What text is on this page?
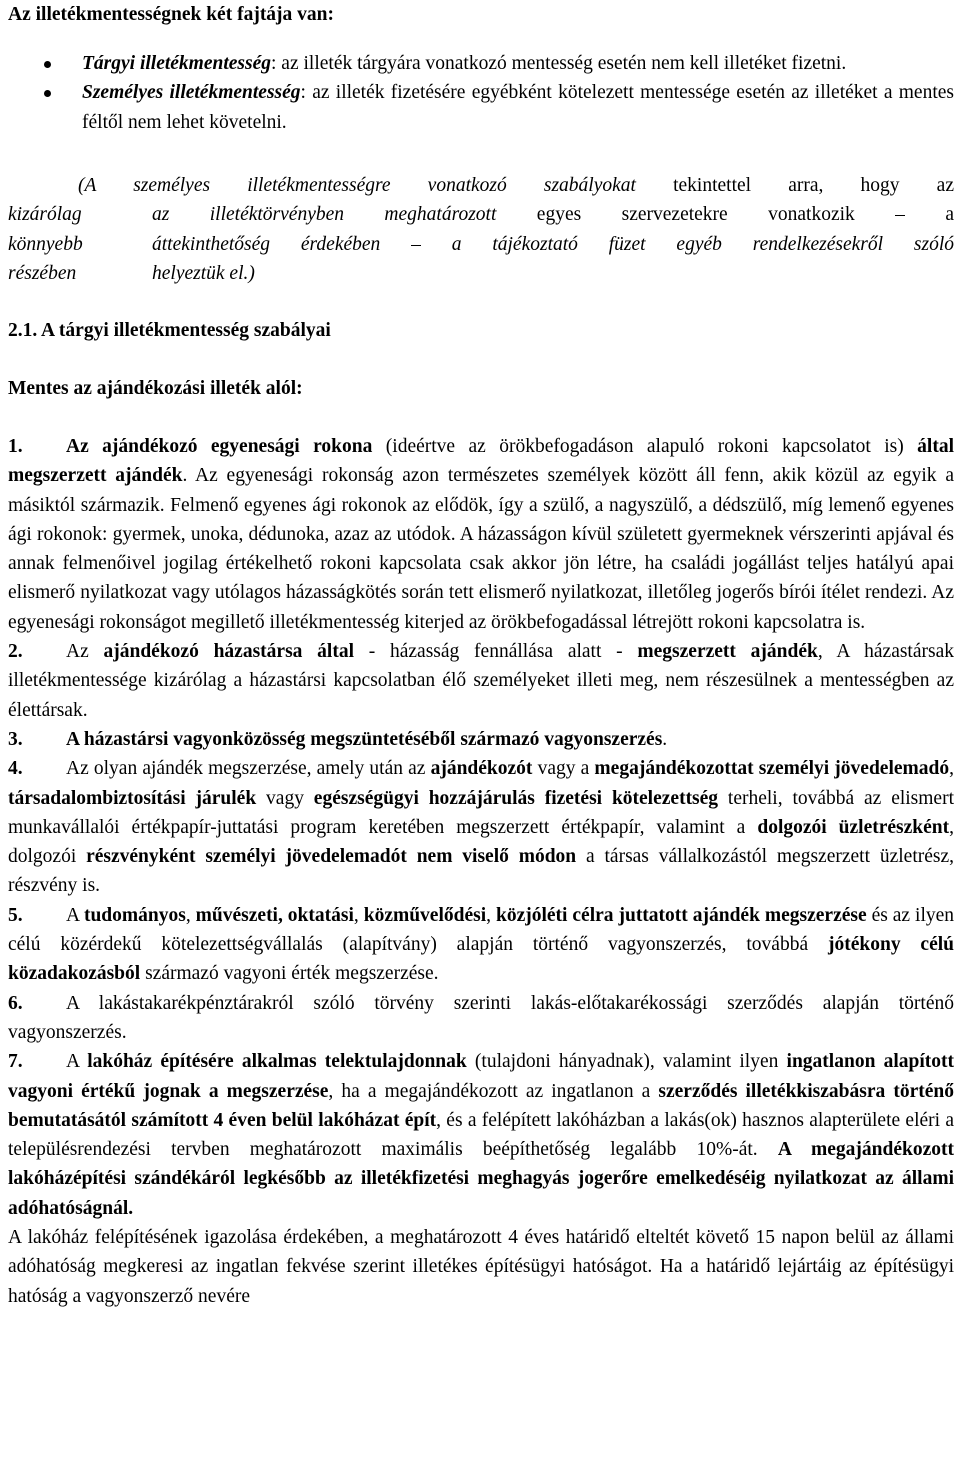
Az illetékmentességnek két fajtája van:
Tárgyi illetékmentesség: az illeték tárgyára vonatkozó mentesség esetén nem kell illetéket fizetni.
Személyes illetékmentesség: az illeték fizetésére egyébként kötelezett mentessége esetén az illetéket a mentes féltől nem lehet követelni.
(A személyes illetékmentességre vonatkozó szabályokat tekintettel arra, hogy az
kizárólag	az illetéktörvényben meghatározott egyes szervezetekre vonatkozik – a
könnyebb	áttekinthetőség érdekében – a tájékoztató füzet egyéb rendelkezésekről szóló
részében	helyeztük el.)
2.1. A tárgyi illetékmentesség szabályai
Mentes az ajándékozási illeték alól:

1. Az ajándékozó egyenesági rokona (ideértve az örökbefogadáson alapuló rokoni kapcsolatot is) által megszerzett ajándék. Az egyenesági rokonság azon természetes személyek között áll fenn, akik közül az egyik a másiktól származik. Felmenő egyenes ági rokonok az elődök, így a szülő, a nagyszülő, a dédszülő, míg lemenő egyenes ági rokonok: gyermek, unoka, dédunoka, azaz az utódok. A házasságon kívül született gyermeknek vérszerinti apjával és annak felmenőivel jogilag értékelhető rokoni kapcsolata csak akkor jön létre, ha családi jogállást teljes hatályú apai elismerő nyilatkozat vagy utólagos házasságkötés során tett elismerő nyilatkozat, illetőleg jogerős bírói ítélet rendezi. Az egyenesági rokonságot megillető illetékmentesség kiterjed az örökbefogadással létrejött rokoni kapcsolatra is.

2. Az ajándékozó házastársa által - házasság fennállása alatt - megszerzett ajándék, A házastársak illetékmentessége kizárólag a házastársi kapcsolatban élő személyeket illeti meg, nem részesülnek a mentességben az élettársak.

3. A házastársi vagyonközösség megszüntetéséből származó vagyonszerzés.

4. Az olyan ajándék megszerzése, amely után az ajándékozót vagy a megajándékozottat személyi jövedelemadó, társadalombiztosítási járulék vagy egészségügyi hozzájárulás fizetési kötelezettség terheli, továbbá az elismert munkavállalói értékpapír-juttatási program keretében megszerzett értékpapír, valamint a dolgozói üzletrészként, dolgozói részvényként személyi jövedelemadót nem viselő módon a társas vállalkozástól megszerzett üzletrész, részvény is.

5. A tudományos, művészeti, oktatási, közművelődési, közjóléti célra juttatott ajándék megszerzése és az ilyen célú közérdekű kötelezettségvállalás (alapítvány) alapján történő vagyonszerzés, továbbá jótékony célú közadakozásból származó vagyoni érték megszerzése.

6. A lakástakarékpénztárakról szóló törvény szerinti lakás-előtakarékossági szerződés alapján történő vagyonszerzés.

7. A lakóház építésére alkalmas telektulajdonnak (tulajdoni hányadnak), valamint ilyen ingatlanon alapított vagyoni értékű jognak a megszerzése, ha a megajándékozott az ingatlanon a szerződés illetékkiszabásra történő bemutatásától számított 4 éven belül lakóházat épít, és a felépített lakóházban a lakás(ok) hasznos alapterülete eléri a településrendezési tervben meghatározott maximális beépíthetőség legalább 10%-át. A megajándékozott lakóházépítési szándékáról legkésőbb az illetékfizetési meghagyás jogerőre emelkedéséig nyilatkozat az állami adóhatóságnál.

A lakóház felépítésének igazolása érdekében, a meghatározott 4 éves határidő elteltét követő 15 napon belül az állami adóhatóság megkeresi az ingatlan fekvése szerint illetékes építésügyi hatóságot. Ha a határidő lejártáig az építésügyi hatóság a vagyonszerző nevére
